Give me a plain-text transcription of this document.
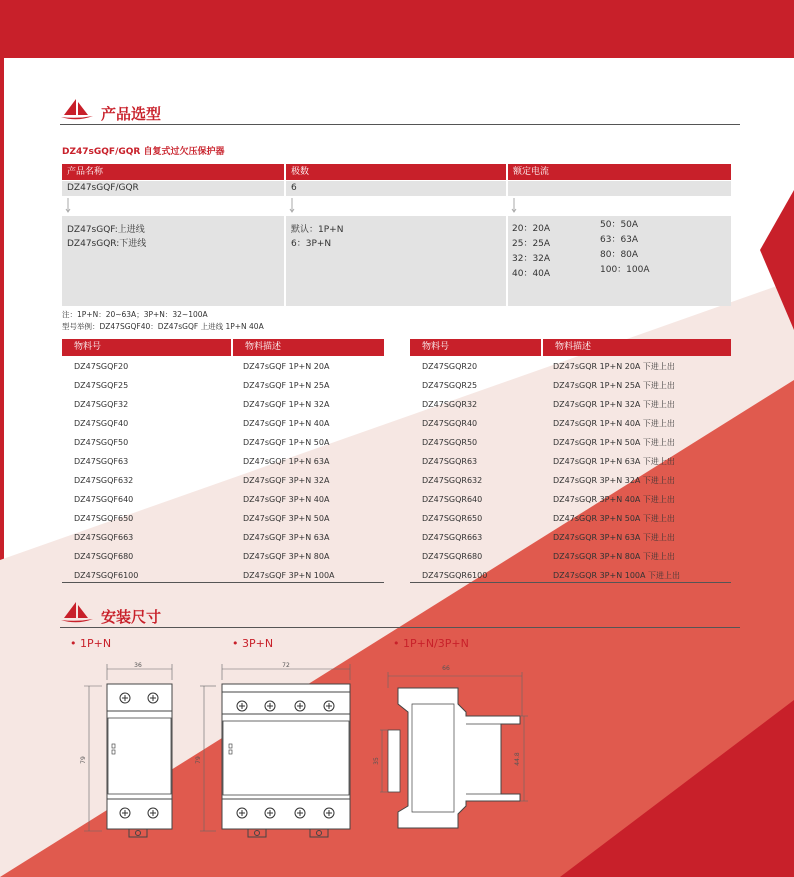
产品选型
DZ47sGQF/GQR 自复式过欠压保护器
产品名称	极数	额定电流
DZ47sGQF/GQR	6
DZ47sGQF:上进线
DZ47sGQR:下进线
默认：1P+N
6：3P+N
20：20A
25：25A
32：32A
40：40A
50：50A
63：63A
80：80A
100：100A
注：1P+N：20~63A；3P+N：32~100A
型号举例：DZ47SGQF40：DZ47sGQF 上进线 1P+N 40A
物料号	物料描述	物料号	物料描述
DZ47SGQF20	DZ47sGQF 1P+N 20A	DZ47SGQR20	DZ47sGQR 1P+N 20A 下进上出
DZ47SGQF25	DZ47sGQF 1P+N 25A	DZ47SGQR25	DZ47sGQR 1P+N 25A 下进上出
DZ47SGQF32	DZ47sGQF 1P+N 32A	DZ47SGQR32	DZ47sGQR 1P+N 32A 下进上出
DZ47SGQF40	DZ47sGQF 1P+N 40A	DZ47SGQR40	DZ47sGQR 1P+N 40A 下进上出
DZ47SGQF50	DZ47sGQF 1P+N 50A	DZ47SGQR50	DZ47sGQR 1P+N 50A 下进上出
DZ47SGQF63	DZ47sGQF 1P+N 63A	DZ47SGQR63	DZ47sGQR 1P+N 63A 下进上出
DZ47SGQF632	DZ47sGQF 3P+N 32A	DZ47SGQR632	DZ47sGQR 3P+N 32A 下进上出
DZ47SGQF640	DZ47sGQF 3P+N 40A	DZ47SGQR640	DZ47sGQR 3P+N 40A 下进上出
DZ47SGQF650	DZ47sGQF 3P+N 50A	DZ47SGQR650	DZ47sGQR 3P+N 50A 下进上出
DZ47SGQF663	DZ47sGQF 3P+N 63A	DZ47SGQR663	DZ47sGQR 3P+N 63A 下进上出
DZ47SGQF680	DZ47sGQF 3P+N 80A	DZ47SGQR680	DZ47sGQR 3P+N 80A 下进上出
DZ47SGQF6100	DZ47sGQF 3P+N 100A	DZ47SGQR6100	DZ47sGQR 3P+N 100A 下进上出
安装尺寸
• 1P+N	• 3P+N	• 1P+N/3P+N
36
79
72
79
66
35	44.8
